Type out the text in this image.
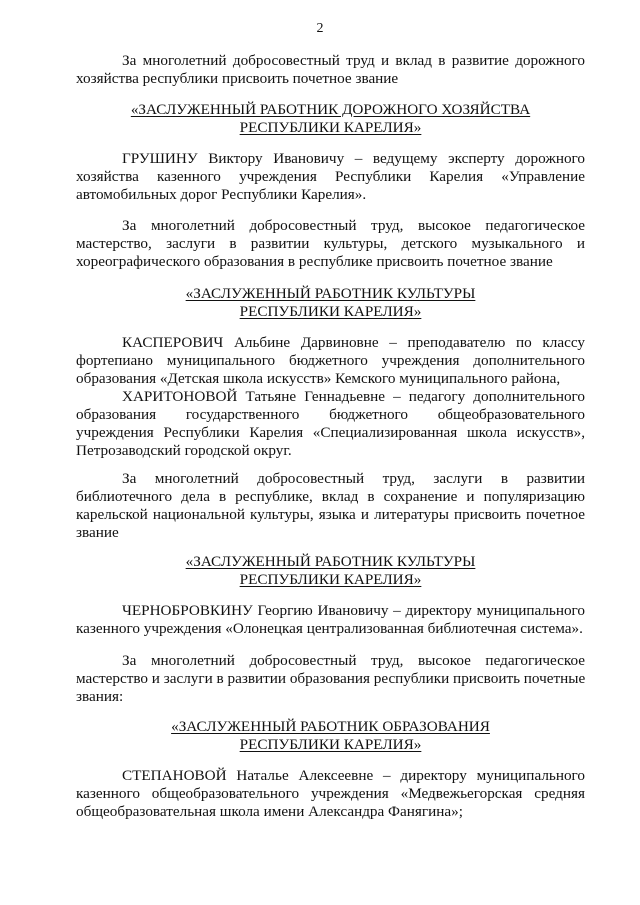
2
За многолетний добросовестный труд и вклад в развитие дорожного
хозяйства республики присвоить почетное звание
«ЗАСЛУЖЕННЫЙ РАБОТНИК ДОРОЖНОГО ХОЗЯЙСТВА
РЕСПУБЛИКИ КАРЕЛИЯ»
ГРУШИНУ Виктору Ивановичу – ведущему эксперту дорожного
хозяйства казенного учреждения Республики Карелия «Управление
автомобильных дорог Республики Карелия».
За многолетний добросовестный труд, высокое педагогическое
мастерство, заслуги в развитии культуры, детского музыкального и
хореографического образования в республике присвоить почетное звание
«ЗАСЛУЖЕННЫЙ РАБОТНИК КУЛЬТУРЫ
РЕСПУБЛИКИ КАРЕЛИЯ»
КАСПЕРОВИЧ Альбине Дарвиновне – преподавателю по классу
фортепиано муниципального бюджетного учреждения дополнительного
образования «Детская школа искусств» Кемского муниципального района,
ХАРИТОНОВОЙ Татьяне Геннадьевне – педагогу дополнительного
образования государственного бюджетного общеобразовательного
учреждения Республики Карелия «Специализированная школа искусств»,
Петрозаводский городской округ.
За многолетний добросовестный труд, заслуги в развитии
библиотечного дела в республике, вклад в сохранение и популяризацию
карельской национальной культуры, языка и литературы присвоить почетное
звание
«ЗАСЛУЖЕННЫЙ РАБОТНИК КУЛЬТУРЫ
РЕСПУБЛИКИ КАРЕЛИЯ»
ЧЕРНОБРОВКИНУ Георгию Ивановичу – директору муниципального
казенного учреждения «Олонецкая централизованная библиотечная система».
За многолетний добросовестный труд, высокое педагогическое
мастерство и заслуги в развитии образования республики присвоить почетные
звания:
«ЗАСЛУЖЕННЫЙ РАБОТНИК ОБРАЗОВАНИЯ
РЕСПУБЛИКИ КАРЕЛИЯ»
СТЕПАНОВОЙ Наталье Алексеевне – директору муниципального
казенного общеобразовательного учреждения «Медвежьегорская средняя
общеобразовательная школа имени Александра Фанягина»;
